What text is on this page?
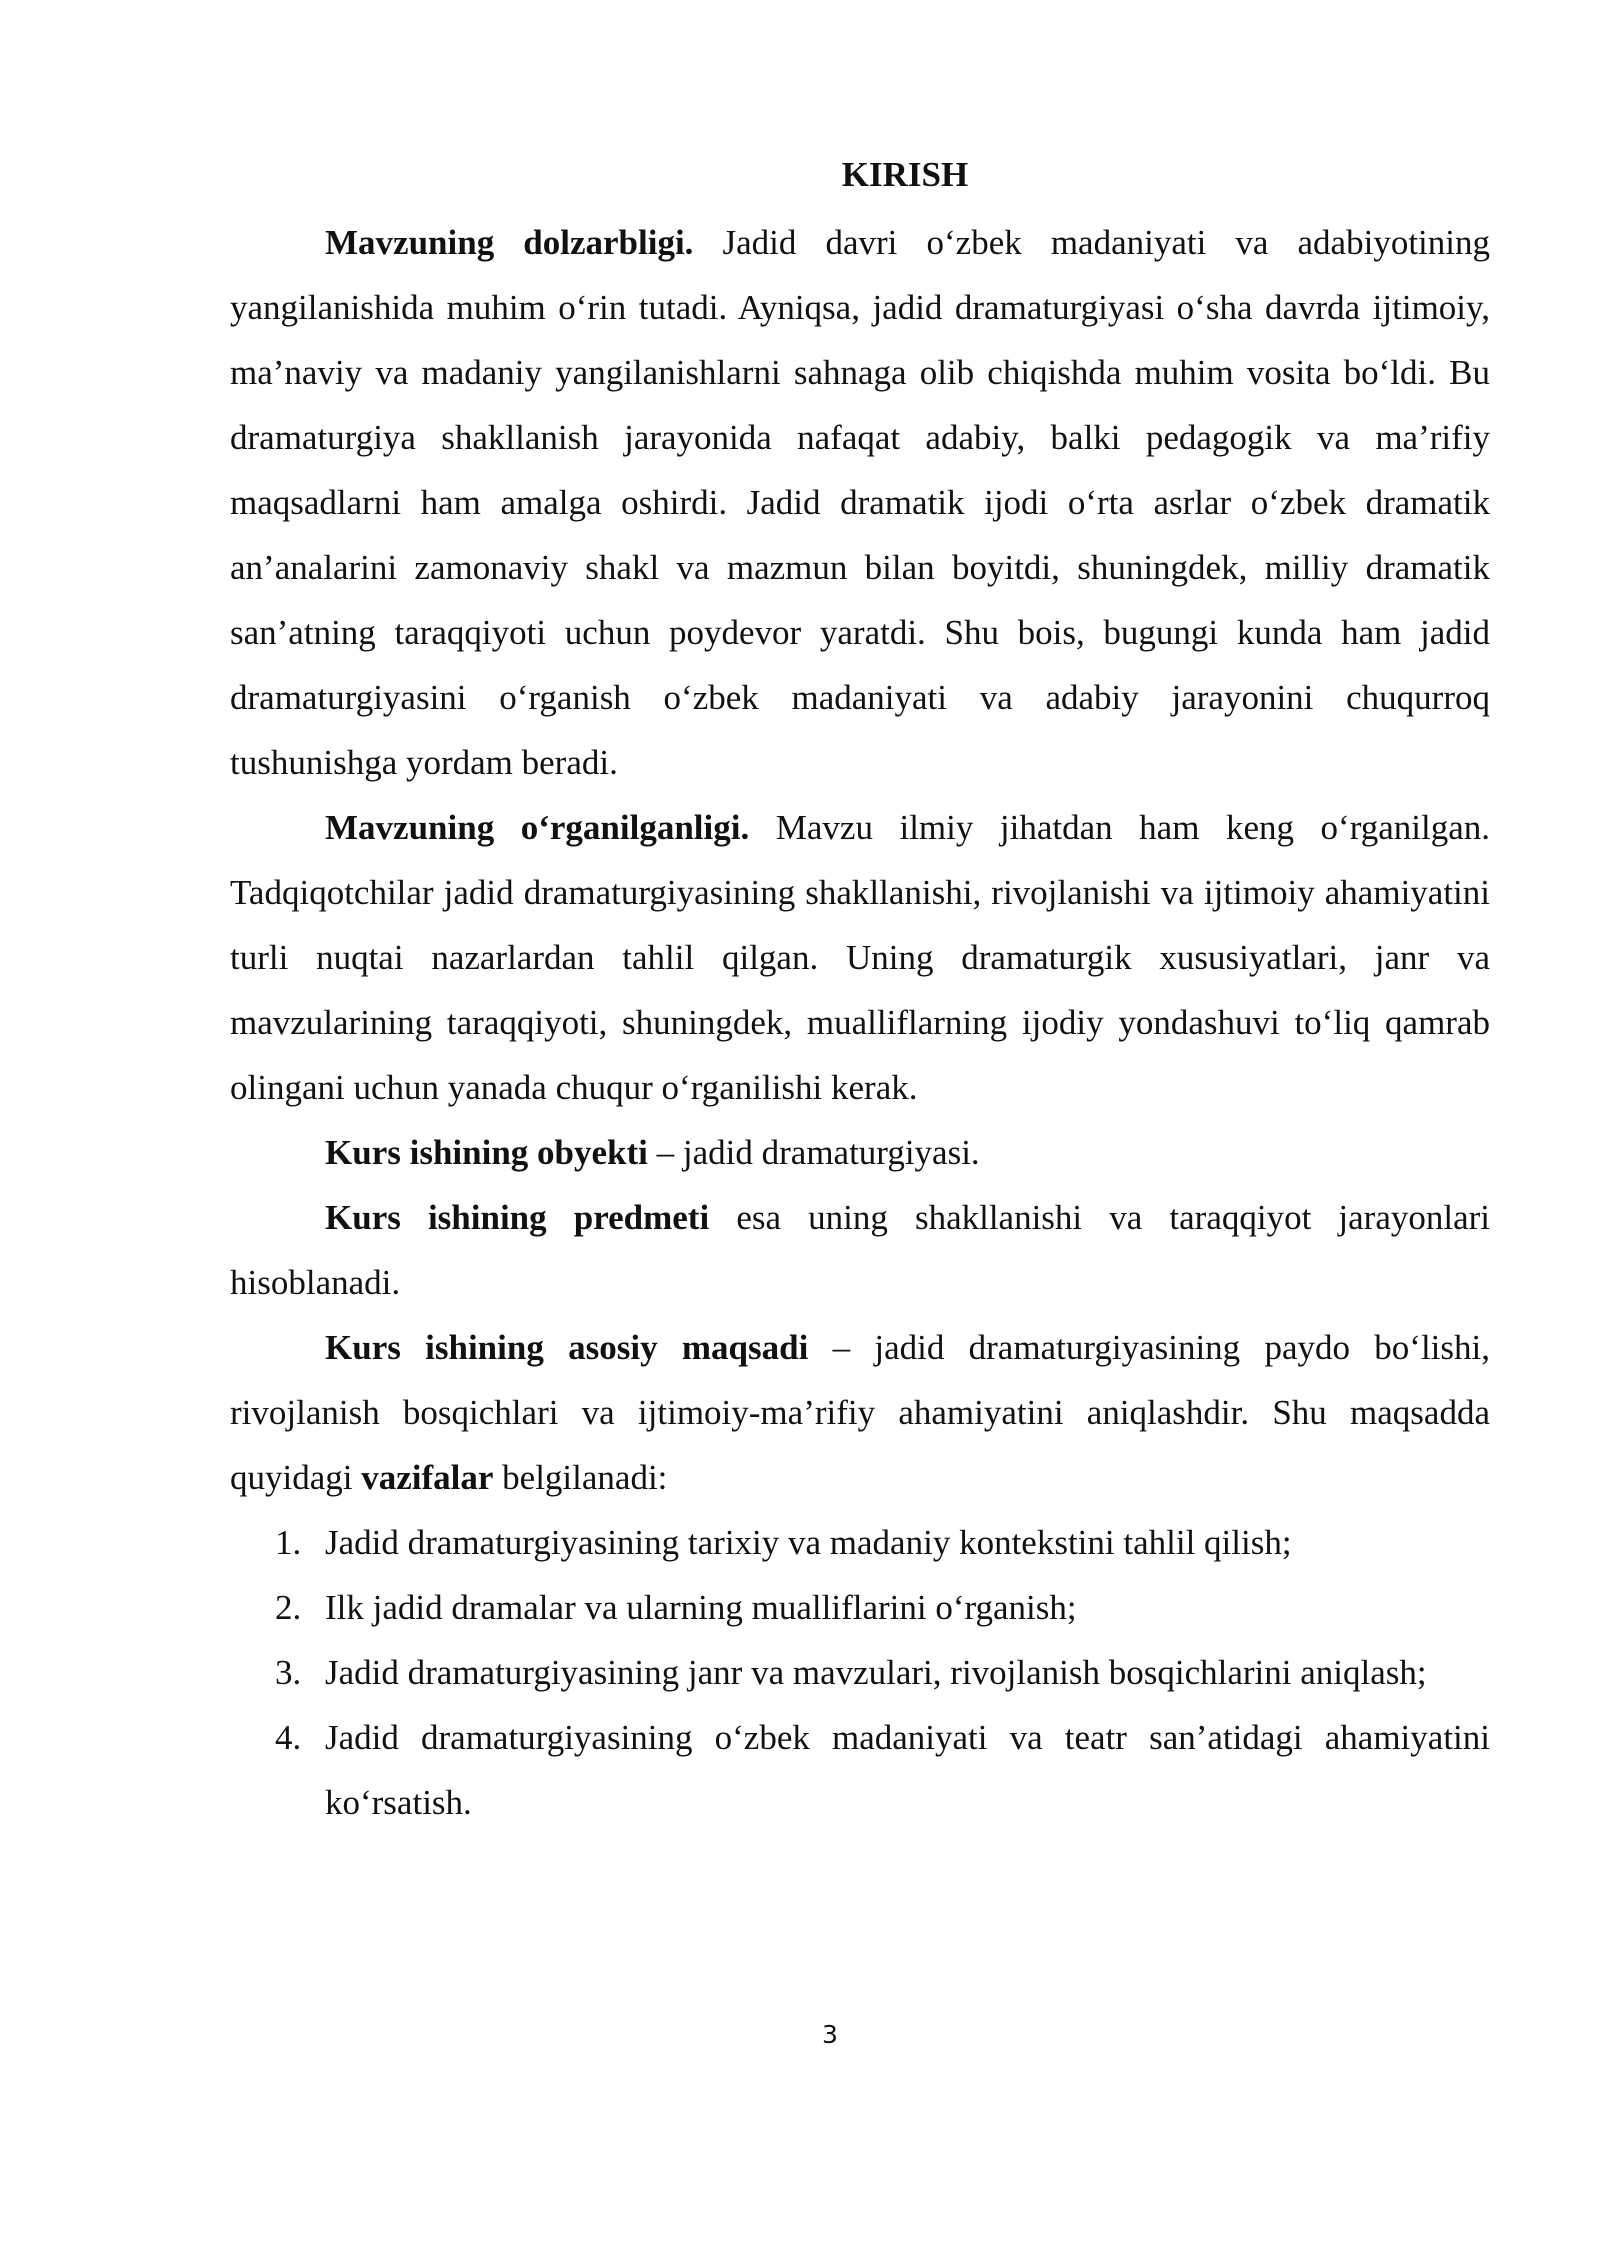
KIRISH

Mavzuning dolzarbligi. Jadid davri o‘zbek madaniyati va adabiyotining yangilanishida muhim o‘rin tutadi. Ayniqsa, jadid dramaturgiyasi o‘sha davrda ijtimoiy, ma’naviy va madaniy yangilanishlarni sahnaga olib chiqishda muhim vosita bo‘ldi. Bu dramaturgiya shakllanish jarayonida nafaqat adabiy, balki pedagogik va ma’rifiy maqsadlarni ham amalga oshirdi. Jadid dramatik ijodi o‘rta asrlar o‘zbek dramatik an’analarini zamonaviy shakl va mazmun bilan boyitdi, shuningdek, milliy dramatik san’atning taraqqiyoti uchun poydevor yaratdi. Shu bois, bugungi kunda ham jadid dramaturgiyasini o‘rganish o‘zbek madaniyati va adabiy jarayonini chuqurroq tushunishga yordam beradi.

Mavzuning o‘rganilganligi. Mavzu ilmiy jihatdan ham keng o‘rganilgan. Tadqiqotchilar jadid dramaturgiyasining shakllanishi, rivojlanishi va ijtimoiy ahamiyatini turli nuqtai nazarlardan tahlil qilgan. Uning dramaturgik xususiyatlari, janr va mavzularining taraqqiyoti, shuningdek, mualliflarning ijodiy yondashuvi to‘liq qamrab olingani uchun yanada chuqur o‘rganilishi kerak.

Kurs ishining obyekti – jadid dramaturgiyasi.

Kurs ishining predmeti esa uning shakllanishi va taraqqiyot jarayonlari hisoblanadi.

Kurs ishining asosiy maqsadi – jadid dramaturgiyasining paydo bo‘lishi, rivojlanish bosqichlari va ijtimoiy-ma’rifiy ahamiyatini aniqlashdir. Shu maqsadda quyidagi vazifalar belgilanadi:

1. Jadid dramaturgiyasining tarixiy va madaniy kontekstini tahlil qilish;
2. Ilk jadid dramalar va ularning mualliflarini o‘rganish;
3. Jadid dramaturgiyasining janr va mavzulari, rivojlanish bosqichlarini aniqlash;
4. Jadid dramaturgiyasining o‘zbek madaniyati va teatr san’atidagi ahamiyatini ko‘rsatish.
3
